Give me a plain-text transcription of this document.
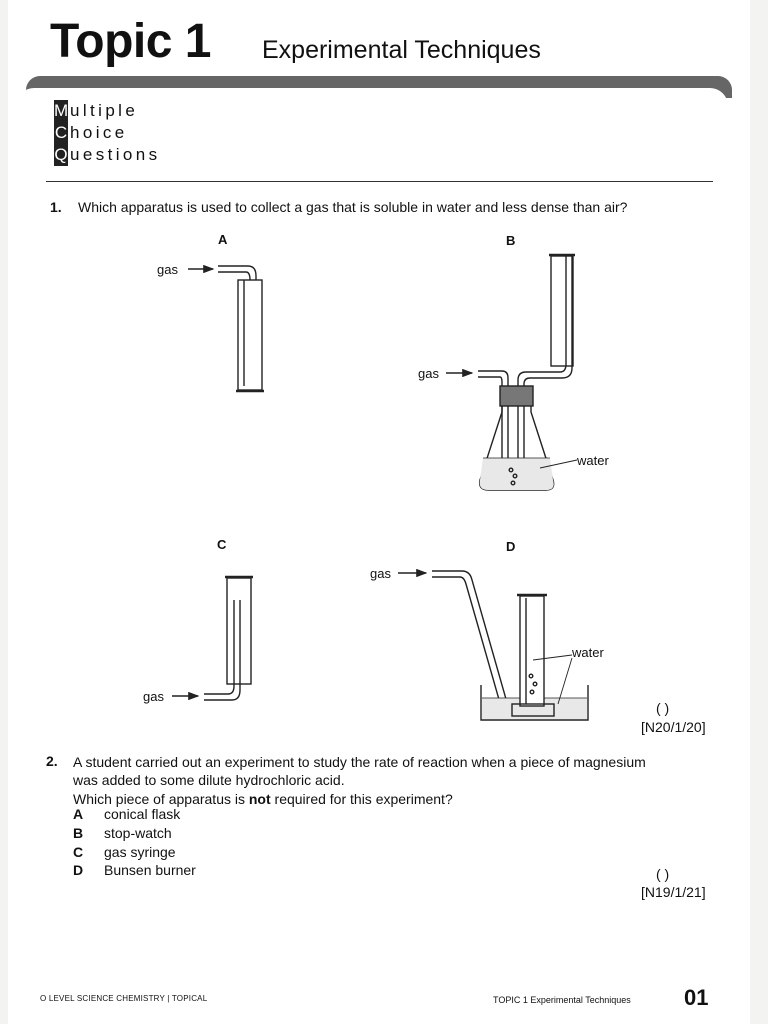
Topic 1 Experimental Techniques
M ultiple
C hoice
Q uestions
1. Which apparatus is used to collect a gas that is soluble in water and less dense than air?
A	B
C	D
gas
gas
water
gas
gas
water
( )
[N20/1/20]
2. A student carried out an experiment to study the rate of reaction when a piece of magnesium
was added to some dilute hydrochloric acid.
Which piece of apparatus is not required for this experiment?
A conical flask
B stop-watch
C gas syringe
D Bunsen burner	( )
[N19/1/21]
O LEVEL SCIENCE CHEMISTRY | TOPICAL	TOPIC 1 Experimental Techniques 01
